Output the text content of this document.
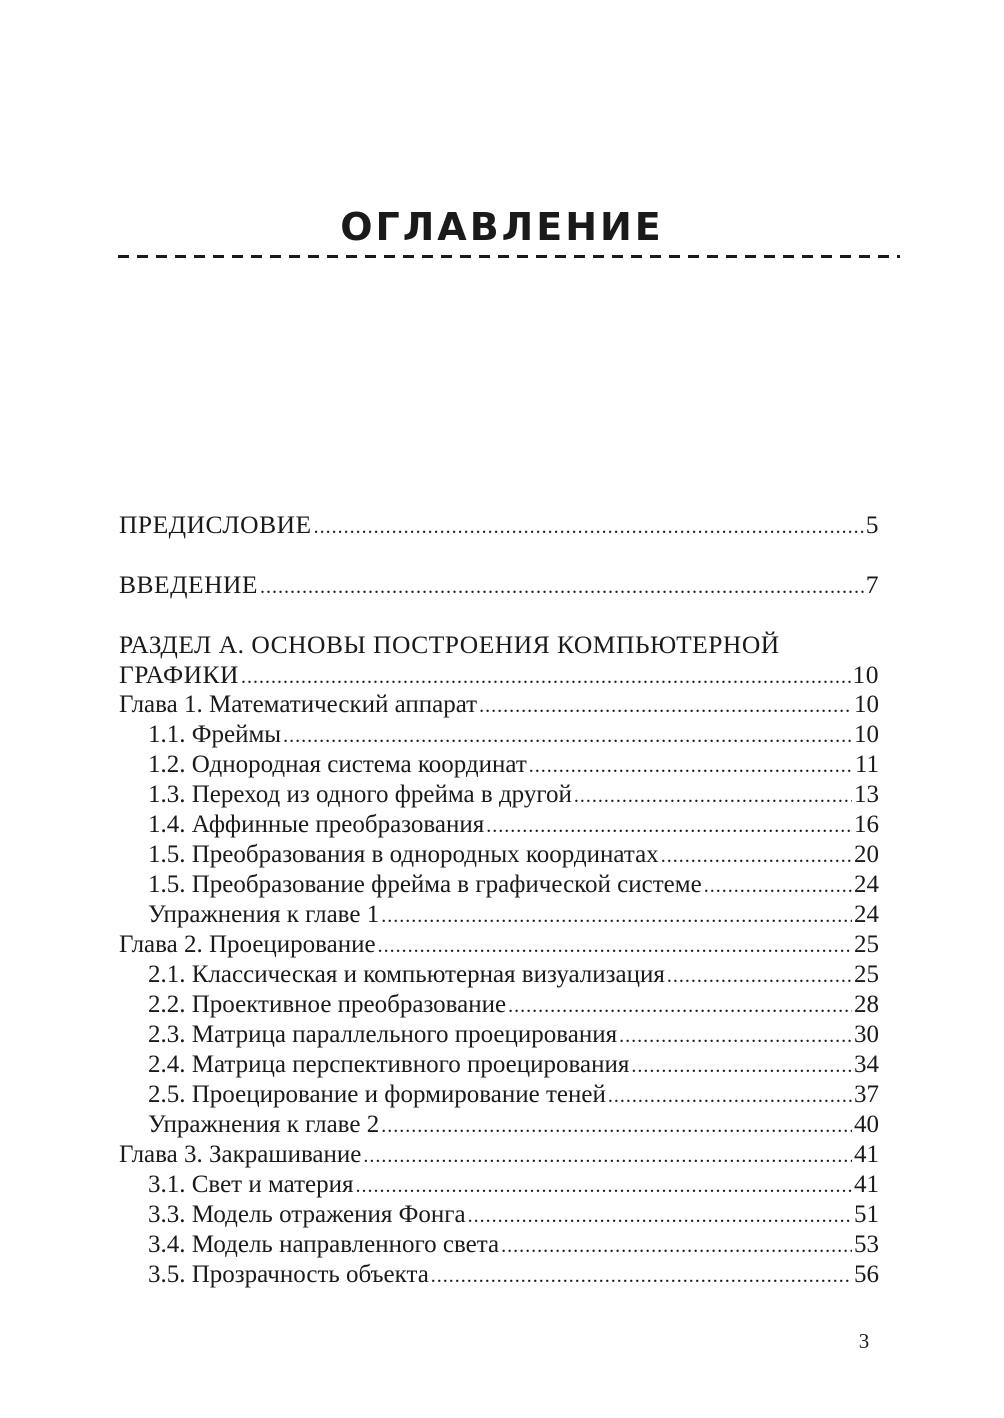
ОГЛАВЛЕНИЕ
ПРЕДИСЛОВИЕ .....	5
ВВЕДЕНИЕ .....	7
РАЗДЕЛ А. ОСНОВЫ ПОСТРОЕНИЯ КОМПЬЮТЕРНОЙ
ГРАФИКИ .....	10
Глава 1. Математический аппарат .....	10
1.1. Фреймы .....	10
1.2. Однородная система координат .....	11
1.3. Переход из одного фрейма в другой .....	13
1.4. Аффинные преобразования .....	16
1.5. Преобразования в однородных координатах .....	20
1.5. Преобразование фрейма в графической системе .....	24
Упражнения к главе 1 .....	24
Глава 2. Проецирование .....	25
2.1. Классическая и компьютерная визуализация .....	25
2.2. Проективное преобразование .....	28
2.3. Матрица параллельного проецирования .....	30
2.4. Матрица перспективного проецирования .....	34
2.5. Проецирование и формирование теней .....	37
Упражнения к главе 2 .....	40
Глава 3. Закрашивание .....	41
3.1. Свет и материя .....	41
3.3. Модель отражения Фонга .....	51
3.4. Модель направленного света .....	53
3.5. Прозрачность объекта .....	56
3
